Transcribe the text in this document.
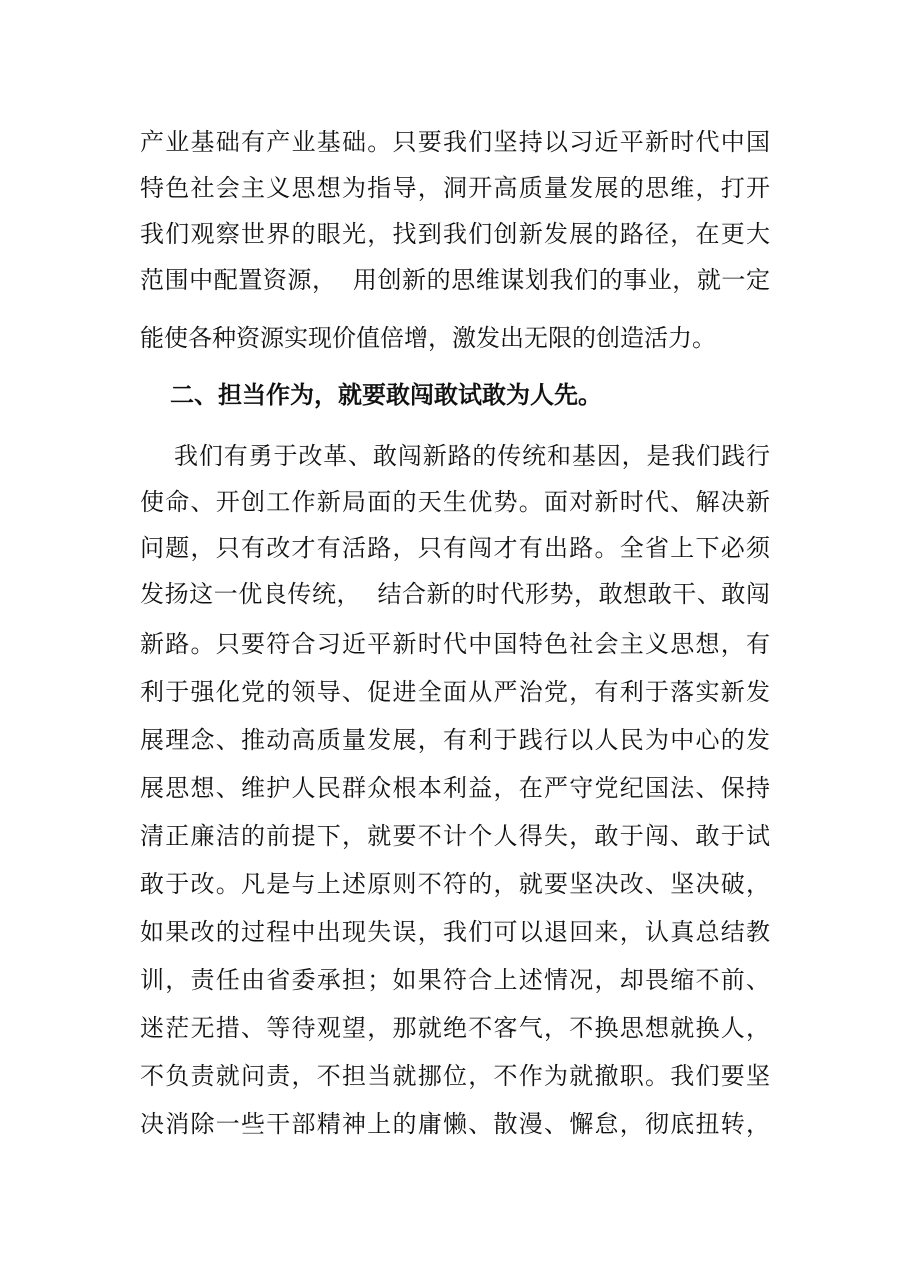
产业基础有产业基础。只要我们坚持以习近平新时代中国
特色社会主义思想为指导，洞开高质量发展的思维，打开
我们观察世界的眼光，找到我们创新发展的路径，在更大
范围中配置资源，  用创新的思维谋划我们的事业，就一定
能使各种资源实现价值倍增，激发出无限的创造活力。
二、担当作为，就要敢闯敢试敢为人先。
我们有勇于改革、敢闯新路的传统和基因，是我们践行
使命、开创工作新局面的天生优势。面对新时代、解决新
问题，只有改才有活路，只有闯才有出路。全省上下必须
发扬这一优良传统，  结合新的时代形势，敢想敢干、敢闯
新路。只要符合习近平新时代中国特色社会主义思想，有
利于强化党的领导、促进全面从严治党，有利于落实新发
展理念、推动高质量发展，有利于践行以人民为中心的发
展思想、维护人民群众根本利益，在严守党纪国法、保持
清正廉洁的前提下，就要不计个人得失，敢于闯、敢于试
敢于改。凡是与上述原则不符的，就要坚决改、坚决破，
如果改的过程中出现失误，我们可以退回来，认真总结教
训，责任由省委承担；如果符合上述情况，却畏缩不前、
迷茫无措、等待观望，那就绝不客气，不换思想就换人，
不负责就问责，不担当就挪位，不作为就撤职。我们要坚
决消除一些干部精神上的庸懒、散漫、懈怠，彻底扭转，
